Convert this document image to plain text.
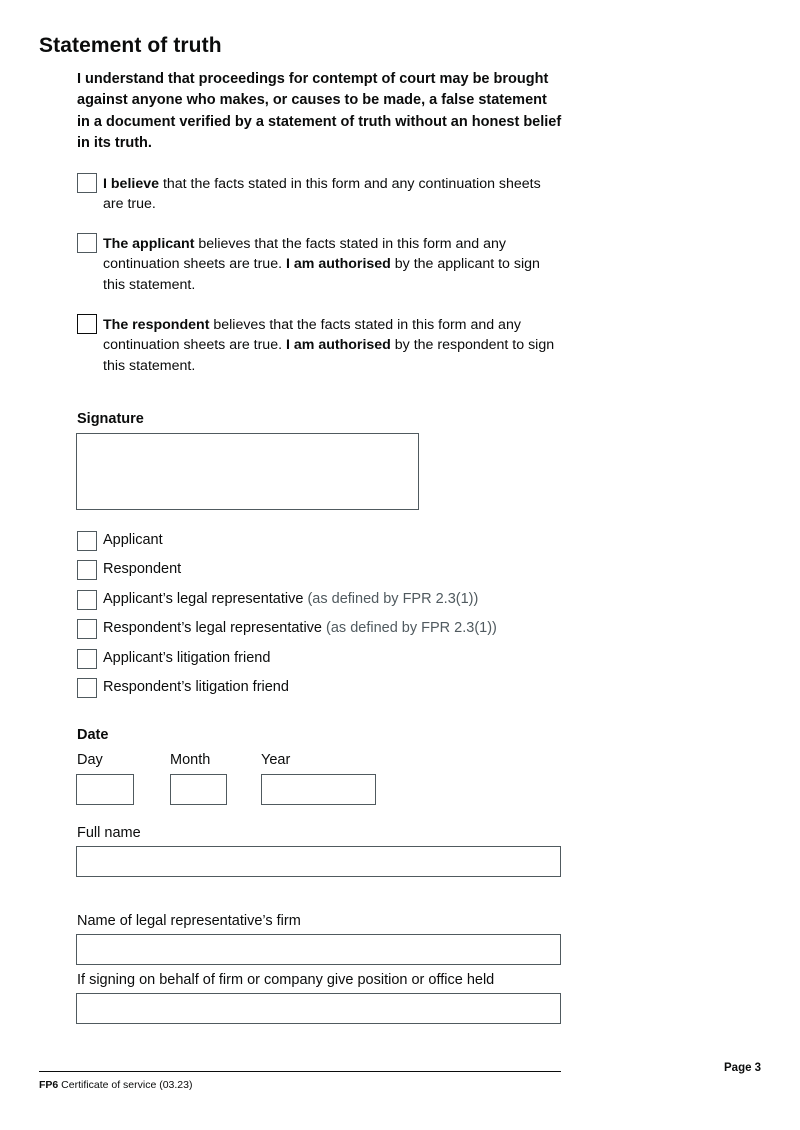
Statement of truth

I understand that proceedings for contempt of court may be brought against anyone who makes, or causes to be made, a false statement in a document verified by a statement of truth without an honest belief in its truth.

I believe that the facts stated in this form and any continuation sheets are true.
The applicant believes that the facts stated in this form and any continuation sheets are true. I am authorised by the applicant to sign this statement.
The respondent believes that the facts stated in this form and any continuation sheets are true. I am authorised by the respondent to sign this statement.
Signature
Applicant
Respondent
Applicant’s legal representative (as defined by FPR 2.3(1))
Respondent’s legal representative (as defined by FPR 2.3(1))
Applicant’s litigation friend
Respondent’s litigation friend
Date
Day	Month	Year
Full name
Name of legal representative’s firm
If signing on behalf of firm or company give position or office held
Page 3
FP6 Certificate of service (03.23)
